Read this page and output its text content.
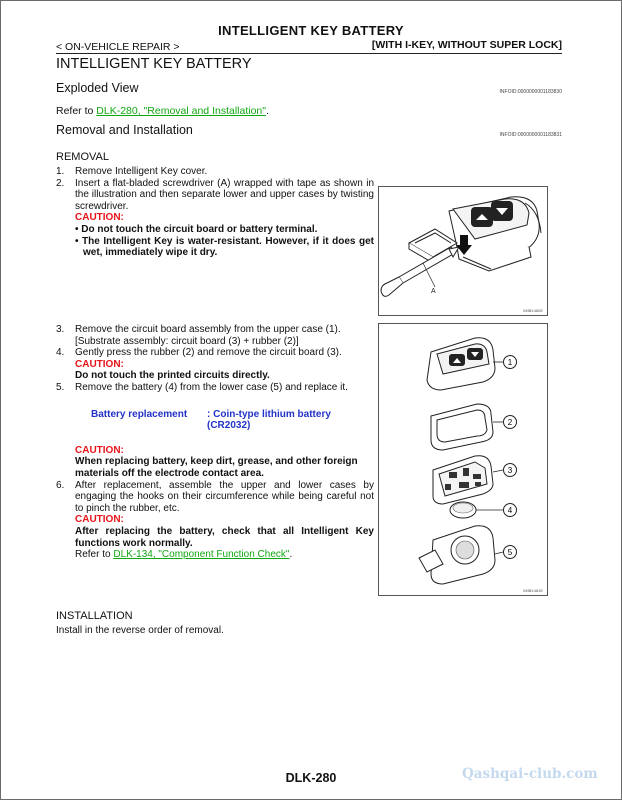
INTELLIGENT KEY BATTERY
< ON-VEHICLE REPAIR >	[WITH I-KEY, WITHOUT SUPER LOCK]
INTELLIGENT KEY BATTERY
Exploded View	INFOID:0000000001183830
Refer to DLK-280, "Removal and Installation".
Removal and Installation	INFOID:0000000001183831
REMOVAL
1. Remove Intelligent Key cover.
2.	Insert a flat-bladed screwdriver (A) wrapped with tape as shown in the illustration and then separate lower and upper cases by twisting screwdriver.
CAUTION:
• Do not touch the circuit board or battery terminal.
• The Intelligent Key is water-resistant. However, if it does get wet, immediately wipe it dry.
A
MIIB1460E
3.	Remove the circuit board assembly from the upper case (1). [Substrate assembly: circuit board (3) + rubber (2)]
4.	Gently press the rubber (2) and remove the circuit board (3).
CAUTION:
Do not touch the printed circuits directly.
5.	Remove the battery (4) from the lower case (5) and replace it.
Battery replacement	: Coin-type lithium battery (CR2032)
CAUTION:
When replacing battery, keep dirt, grease, and other foreign materials off the electrode contact area.
6.	After replacement, assemble the upper and lower cases by engaging the hooks on their circumference while being careful not to pinch the rubber, etc.
CAUTION:
After replacing the battery, check that all Intelligent Key functions work normally.
Refer to DLK-134, "Component Function Check".
1
2
3
4
5
MIIB1461E
INSTALLATION
Install in the reverse order of removal.
DLK-280	Qashqai-club.com
